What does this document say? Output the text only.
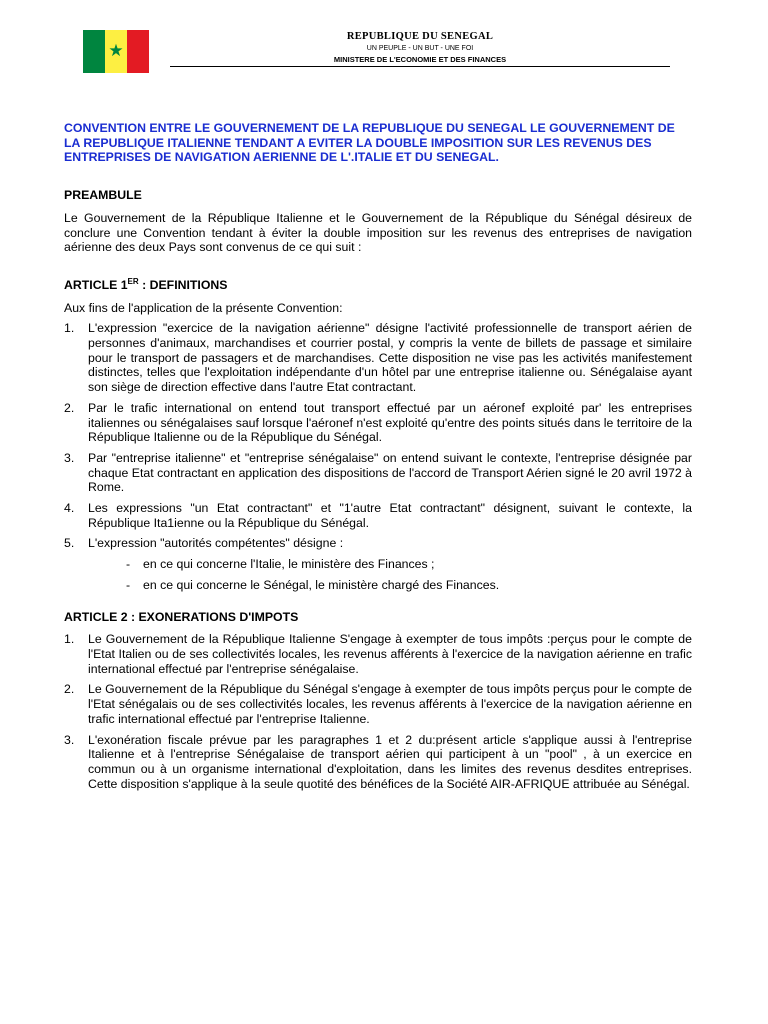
★
REPUBLIQUE DU SENEGAL
UN PEUPLE - UN BUT - UNE FOI
MINISTERE DE L'ECONOMIE ET DES FINANCES

CONVENTION ENTRE LE GOUVERNEMENT DE LA REPUBLIQUE DU SENEGAL LE GOUVERNEMENT DE LA REPUBLIQUE ITALIENNE TENDANT A EVITER LA DOUBLE IMPOSITION SUR LES REVENUS DES ENTREPRISES DE NAVIGATION AERIENNE DE L'.ITALIE ET DU SENEGAL.

PREAMBULE

Le Gouvernement de la République Italienne et le Gouvernement de la République du Sénégal désireux de conclure une Convention tendant à éviter la double imposition sur les revenus des entreprises de navigation aérienne des deux Pays sont convenus de ce qui suit :

ARTICLE 1ER : DEFINITIONS

Aux fins de l'application de la présente Convention:

1.	L'expression "exercice de la navigation aérienne" désigne l'activité professionnelle de transport aérien de personnes d'animaux, marchandises et courrier postal, y compris la vente de billets de passage et similaire pour le transport de passagers et de marchandises. Cette disposition ne vise pas les activités manifestement distinctes, telles que l'exploitation indépendante d'un hôtel par une entreprise italienne ou. Sénégalaise ayant son siège de direction effective dans l'autre Etat contractant.
2.	Par le trafic international on entend tout transport effectué par un aéronef exploité par' les entreprises italiennes ou sénégalaises sauf lorsque l'aéronef n'est exploité qu'entre des points situés dans le territoire de la République Italienne ou de la République du Sénégal.
3.	Par "entreprise italienne" et "entreprise sénégalaise" on entend suivant le contexte, l'entreprise désignée par chaque Etat contractant en application des dispositions de l'accord de Transport Aérien signé le 20 avril 1972 à Rome.
4.	Les expressions "un Etat contractant" et "1'autre Etat contractant" désignent, suivant le contexte, la République Ita1ienne ou la République du Sénégal.
5.	L'expression "autorités compétentes" désigne :
-	en ce qui concerne l'Italie, le ministère des Finances ;
-	en ce qui concerne le Sénégal, le ministère chargé des Finances.

ARTICLE 2 : EXONERATIONS D'IMPOTS

1.	Le Gouvernement de la République Italienne S'engage à exempter de tous impôts :perçus pour le compte de l'Etat Italien ou de ses collectivités locales, les revenus afférents à l'exercice de la navigation aérienne en trafic international effectué par l'entreprise sénégalaise.
2.	Le Gouvernement de la République du Sénégal s'engage à exempter de tous impôts perçus pour le compte de l'Etat sénégalais ou de ses collectivités locales, les revenus afférents à l'exercice de la navigation aérienne en trafic international effectué par l'entreprise Italienne.
3.	L'exonération fiscale prévue par les paragraphes 1 et 2 du:présent article s'applique aussi à l'entreprise Italienne et à l'entreprise Sénégalaise de transport aérien qui participent à un "pool" , à un exercice en commun ou à un organisme international d'exploitation, dans les limites des revenus desdites entreprises. Cette disposition s'applique à la seule quotité des bénéfices de la Société AIR-AFRIQUE attribuée au Sénégal.
